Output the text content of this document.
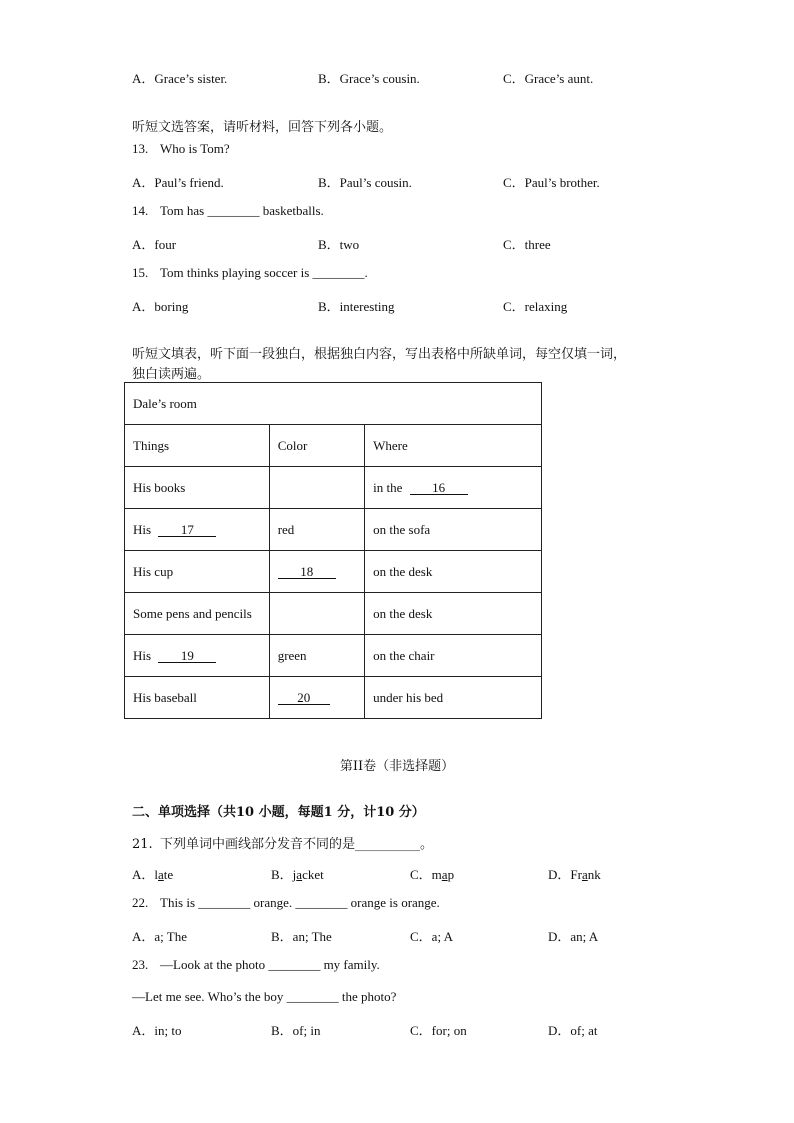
A．Grace’s sister.	B．Grace’s cousin.	C．Grace’s aunt.
听短文选答案，请听材料，回答下列各小题。
13. Who is Tom?
A．Paul’s friend.	B．Paul’s cousin.	C．Paul’s brother.
14. Tom has ________ basketballs.
A．four	B．two	C．three
15. Tom thinks playing soccer is ________.
A．boring	B．interesting	C．relaxing
听短文填表，听下面一段独白，根据独白内容，写出表格中所缺单词，每空仅填一词，
独白读两遍。
Dale’s room		
Things	Color	Where
His books		in the 16
His 17	red	on the sofa
His cup	18	on the desk
Some pens and pencils		on the desk
His 19	green	on the chair
His baseball	20	under his bed
第II卷（非选择题）
二、单项选择（共10 小题，每题1 分，计10 分）
21. 下列单词中画线部分发音不同的是__________。
A．late	B．jacket	C．map	D．Frank
22. This is ________ orange. ________ orange is orange.
A．a; The	B．an; The	C．a; A	D．an; A
23. —Look at the photo ________ my family.
—Let me see. Who’s the boy ________ the photo?
A．in; to	B．of; in	C．for; on	D．of; at
